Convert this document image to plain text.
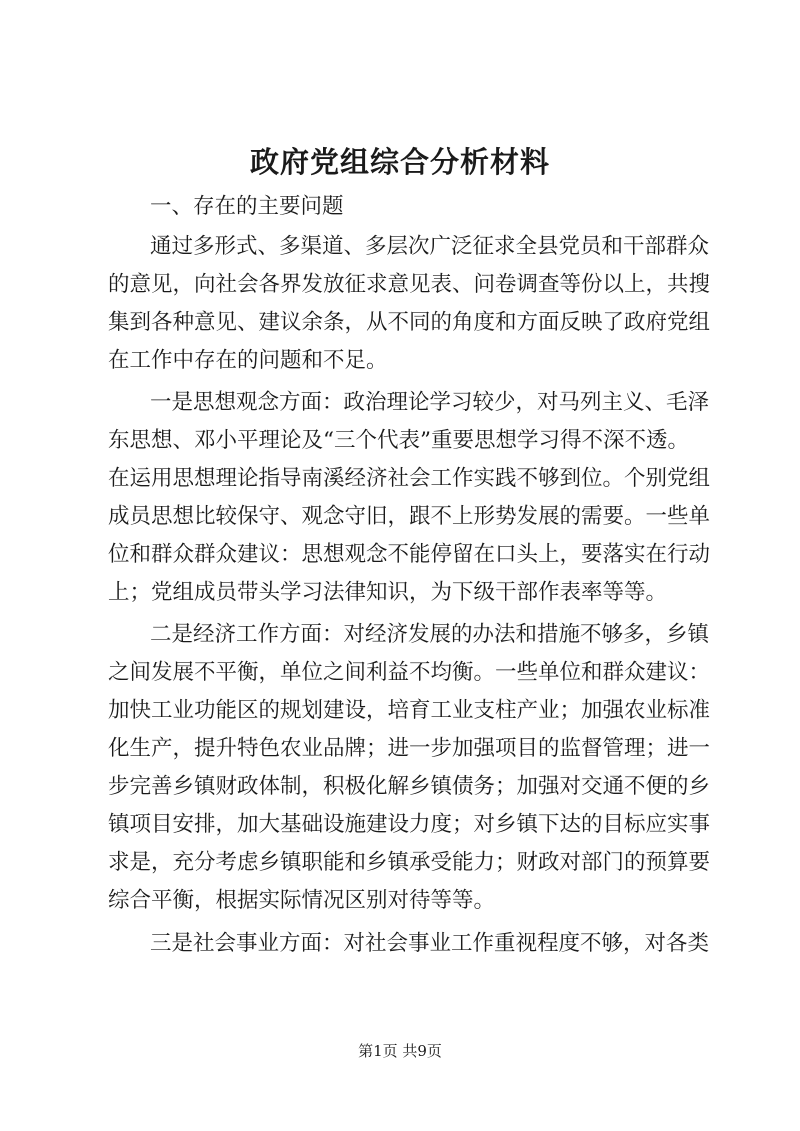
政府党组综合分析材料
一、存在的主要问题
通过多形式、多渠道、多层次广泛征求全县党员和干部群众
的意见，向社会各界发放征求意见表、问卷调查等份以上，共搜
集到各种意见、建议余条，从不同的角度和方面反映了政府党组
在工作中存在的问题和不足。
一是思想观念方面：政治理论学习较少，对马列主义、毛泽
东思想、邓小平理论及“三个代表”重要思想学习得不深不透。
在运用思想理论指导南溪经济社会工作实践不够到位。个别党组
成员思想比较保守、观念守旧，跟不上形势发展的需要。一些单
位和群众群众建议：思想观念不能停留在口头上，要落实在行动
上；党组成员带头学习法律知识，为下级干部作表率等等。
二是经济工作方面：对经济发展的办法和措施不够多，乡镇
之间发展不平衡，单位之间利益不均衡。一些单位和群众建议：
加快工业功能区的规划建设，培育工业支柱产业；加强农业标准
化生产，提升特色农业品牌；进一步加强项目的监督管理；进一
步完善乡镇财政体制，积极化解乡镇债务；加强对交通不便的乡
镇项目安排，加大基础设施建设力度；对乡镇下达的目标应实事
求是，充分考虑乡镇职能和乡镇承受能力；财政对部门的预算要
综合平衡，根据实际情况区别对待等等。
三是社会事业方面：对社会事业工作重视程度不够，对各类
第1页 共9页
